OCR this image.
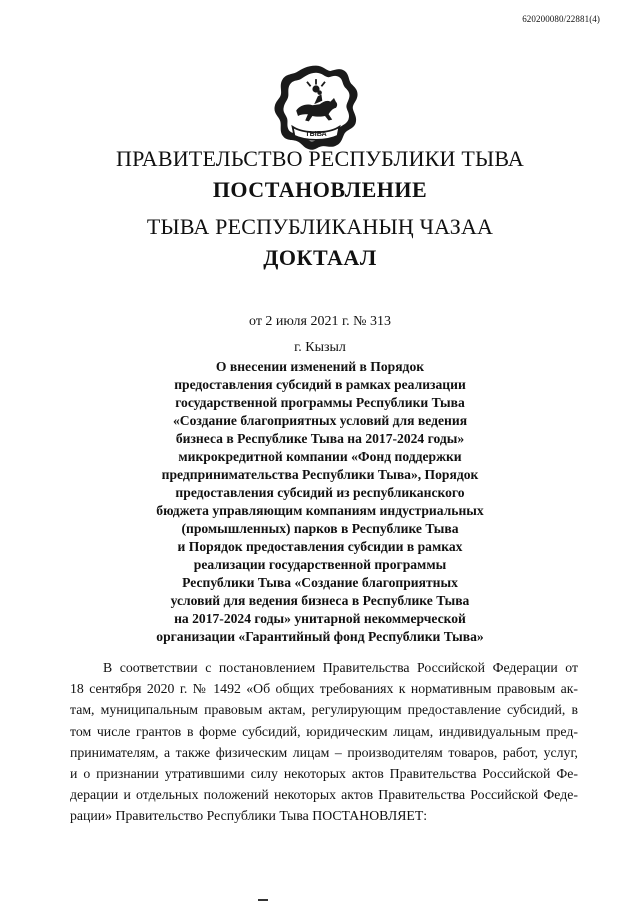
620200080/22881(4)
ТЫВА
ПРАВИТЕЛЬСТВО РЕСПУБЛИКИ ТЫВА
ПОСТАНОВЛЕНИЕ
ТЫВА РЕСПУБЛИКАНЫҢ ЧАЗАА
ДОКТААЛ
от 2 июля 2021 г. № 313
г. Кызыл
О внесении изменений в Порядок
предоставления субсидий в рамках реализации
государственной программы Республики Тыва
«Создание благоприятных условий для ведения
бизнеса в Республике Тыва на 2017-2024 годы»
микрокредитной компании «Фонд поддержки
предпринимательства Республики Тыва», Порядок
предоставления субсидий из республиканского
бюджета управляющим компаниям индустриальных
(промышленных) парков в Республике Тыва
и Порядок предоставления субсидии в рамках
реализации государственной программы
Республики Тыва «Создание благоприятных
условий для ведения бизнеса в Республике Тыва
на 2017-2024 годы» унитарной некоммерческой
организации «Гарантийный фонд Республики Тыва»
В соответствии с постановлением Правительства Российской Федерации от
18 сентября 2020 г. № 1492 «Об общих требованиях к нормативным правовым ак-
там, муниципальным правовым актам, регулирующим предоставление субсидий, в
том числе грантов в форме субсидий, юридическим лицам, индивидуальным пред-
принимателям, а также физическим лицам – производителям товаров, работ, услуг,
и о признании утратившими силу некоторых актов Правительства Российской Фе-
дерации и отдельных положений некоторых актов Правительства Российской Феде-
рации» Правительство Республики Тыва ПОСТАНОВЛЯЕТ:
